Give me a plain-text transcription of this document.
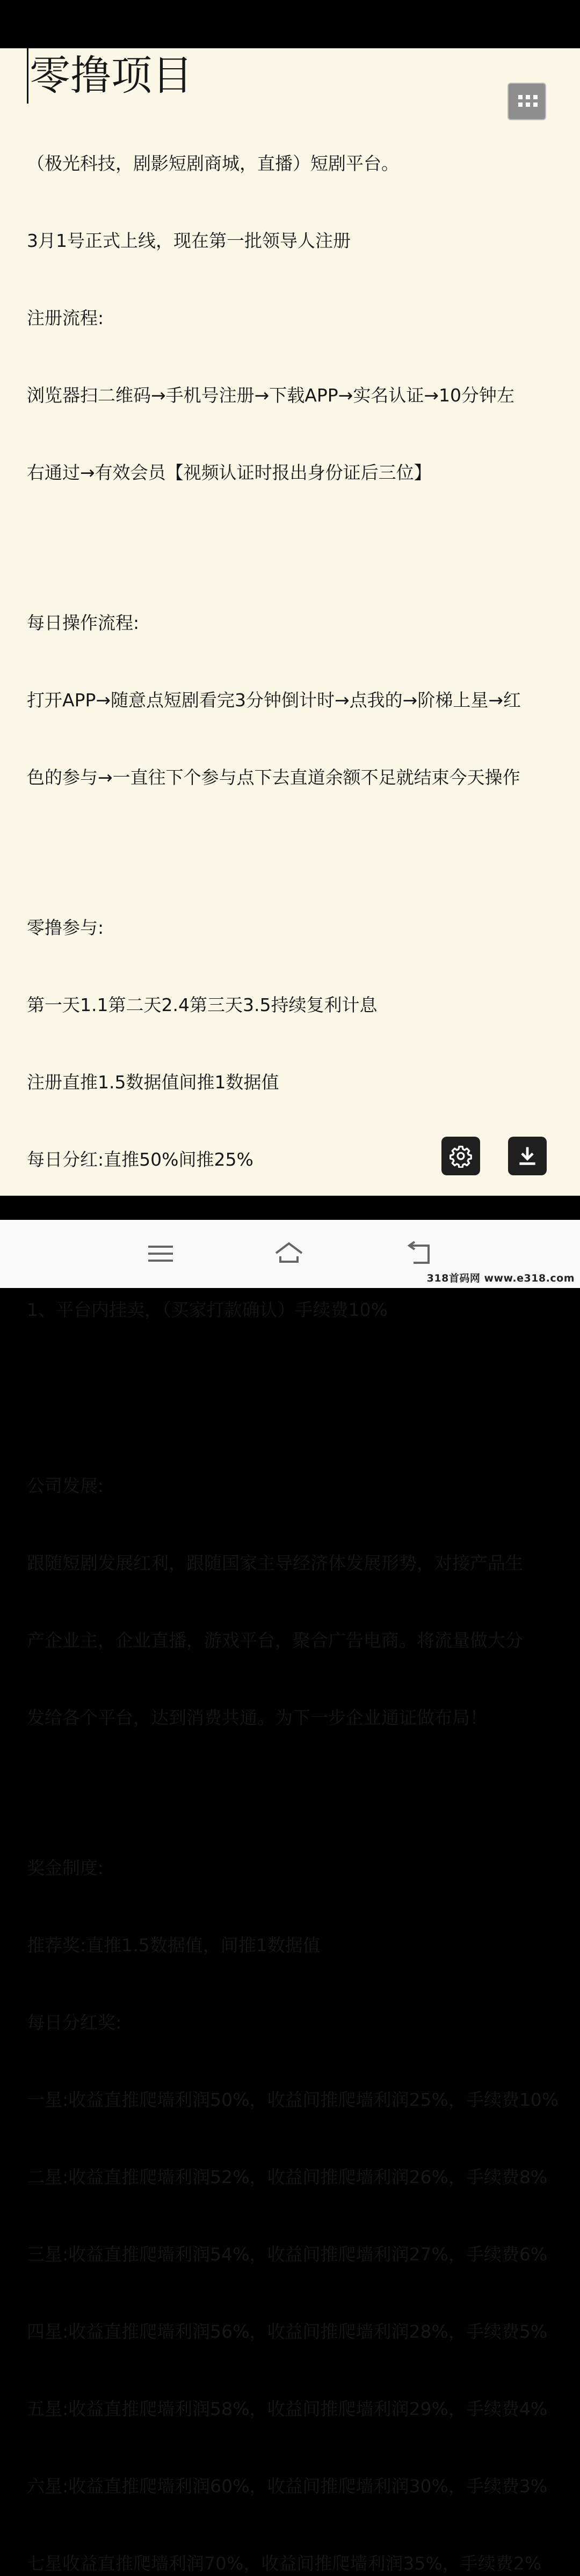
零撸项目

（极光科技，剧影短剧商城，直播）短剧平台。

3月1号正式上线，现在第一批领导人注册

注册流程:

浏览器扫二维码→手机号注册→下载APP→实名认证→10分钟左

右通过→有效会员【视频认证时报出身份证后三位】

每日操作流程:

打开APP→随意点短剧看完3分钟倒计时→点我的→阶梯上星→红

色的参与→一直往下个参与点下去直道余额不足就结束今天操作

零撸参与:

第一天1.1第二天2.4第三天3.5持续复利计息

注册直推1.5数据值间推1数据值

每日分红:直推50%间推25%

1、平台内挂卖，（买家打款确认）手续费10%

公司发展:

跟随短剧发展红利，跟随国家主导经济体发展形势，对接产品生

产企业主，企业直播，游戏平台，聚合广告电商。将流量做大分

发给各个平台，达到消费共通。为下一步企业通证做布局！

奖金制度:

推荐奖:直推1.5数据值，间推1数据值

每日分红奖:

一星:收益直推爬墙利润50%，收益间推爬墙利润25%，手续费10%

二星:收益直推爬墙利润52%，收益间推爬墙利润26%，手续费8%

三星:收益直推爬墙利润54%，收益间推爬墙利润27%，手续费6%

四星:收益直推爬墙利润56%，收益间推爬墙利润28%，手续费5%

五星:收益直推爬墙利润58%，收益间推爬墙利润29%，手续费4%

六星:收益直推爬墙利润60%，收益间推爬墙利润30%，手续费3%

七星收益直推爬墙利润70%，收益间推爬墙利润35%，手续费2%

318首码网 www.e318.com
